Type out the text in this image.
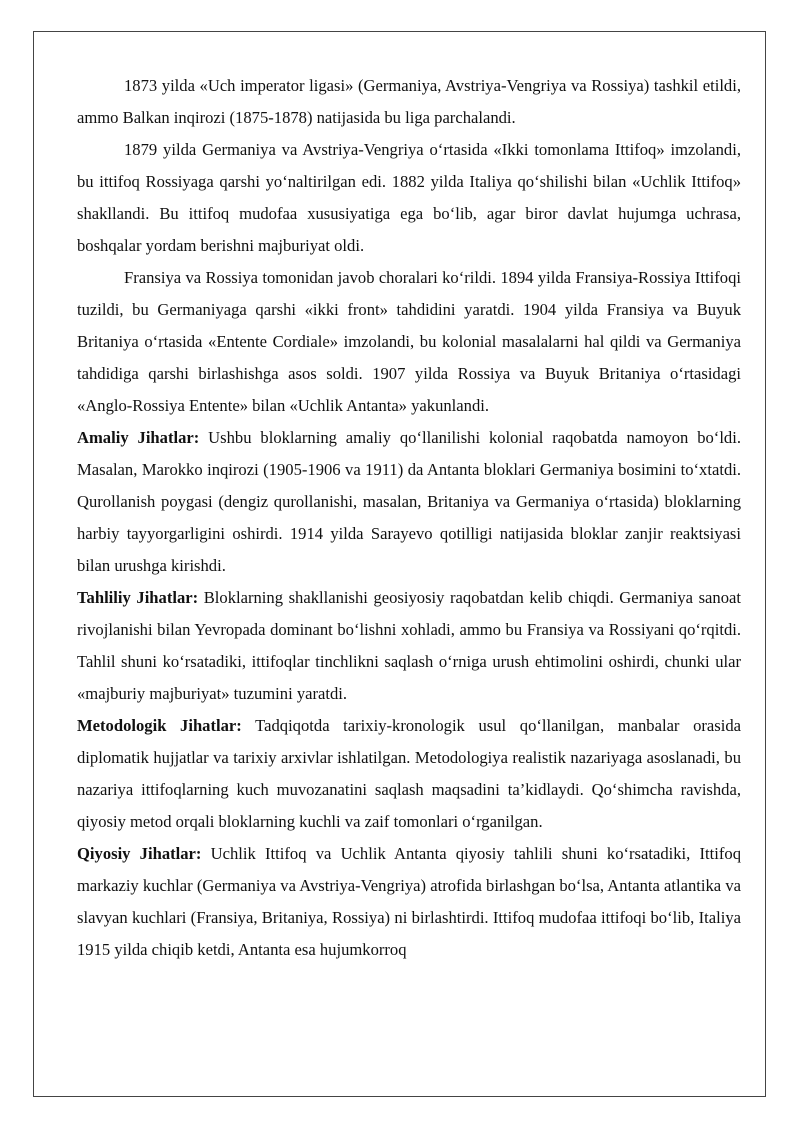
1873 yilda «Uch imperator ligasi» (Germaniya, Avstriya-Vengriya va Rossiya) tashkil etildi, ammo Balkan inqirozi (1875-1878) natijasida bu liga parchalandi.

1879 yilda Germaniya va Avstriya-Vengriya o‘rtasida «Ikki tomonlama Ittifoq» imzolandi, bu ittifoq Rossiyaga qarshi yo‘naltirilgan edi. 1882 yilda Italiya qo‘shilishi bilan «Uchlik Ittifoq» shakllandi. Bu ittifoq mudofaa xususiyatiga ega bo‘lib, agar biror davlat hujumga uchrasa, boshqalar yordam berishni majburiyat oldi.

Fransiya va Rossiya tomonidan javob choralari ko‘rildi. 1894 yilda Fransiya-Rossiya Ittifoqi tuzildi, bu Germaniyaga qarshi «ikki front» tahdidini yaratdi. 1904 yilda Fransiya va Buyuk Britaniya o‘rtasida «Entente Cordiale» imzolandi, bu kolonial masalalarni hal qildi va Germaniya tahdidiga qarshi birlashishga asos soldi. 1907 yilda Rossiya va Buyuk Britaniya o‘rtasidagi «Anglo-Rossiya Entente» bilan «Uchlik Antanta» yakunlandi.

Amaliy Jihatlar: Ushbu bloklarning amaliy qo‘llanilishi kolonial raqobatda namoyon bo‘ldi. Masalan, Marokko inqirozi (1905-1906 va 1911) da Antanta bloklari Germaniya bosimini to‘xtatdi. Qurollanish poygasi (dengiz qurollanishi, masalan, Britaniya va Germaniya o‘rtasida) bloklarning harbiy tayyorgarligini oshirdi. 1914 yilda Sarayevo qotilligi natijasida bloklar zanjir reaktsiyasi bilan urushga kirishdi.

Tahliliy Jihatlar: Bloklarning shakllanishi geosiyosiy raqobatdan kelib chiqdi. Germaniya sanoat rivojlanishi bilan Yevropada dominant bo‘lishni xohladi, ammo bu Fransiya va Rossiyani qo‘rqitdi. Tahlil shuni ko‘rsatadiki, ittifoqlar tinchlikni saqlash o‘rniga urush ehtimolini oshirdi, chunki ular «majburiy majburiyat» tuzumini yaratdi.

Metodologik Jihatlar: Tadqiqotda tarixiy-kronologik usul qo‘llanilgan, manbalar orasida diplomatik hujjatlar va tarixiy arxivlar ishlatilgan. Metodologiya realistik nazariyaga asoslanadi, bu nazariya ittifoqlarning kuch muvozanatini saqlash maqsadini ta’kidlaydi. Qo‘shimcha ravishda, qiyosiy metod orqali bloklarning kuchli va zaif tomonlari o‘rganilgan.

Qiyosiy Jihatlar: Uchlik Ittifoq va Uchlik Antanta qiyosiy tahlili shuni ko‘rsatadiki, Ittifoq markaziy kuchlar (Germaniya va Avstriya-Vengriya) atrofida birlashgan bo‘lsa, Antanta atlantika va slavyan kuchlari (Fransiya, Britaniya, Rossiya) ni birlashtirdi. Ittifoq mudofaa ittifoqi bo‘lib, Italiya 1915 yilda chiqib ketdi, Antanta esa hujumkorroq
